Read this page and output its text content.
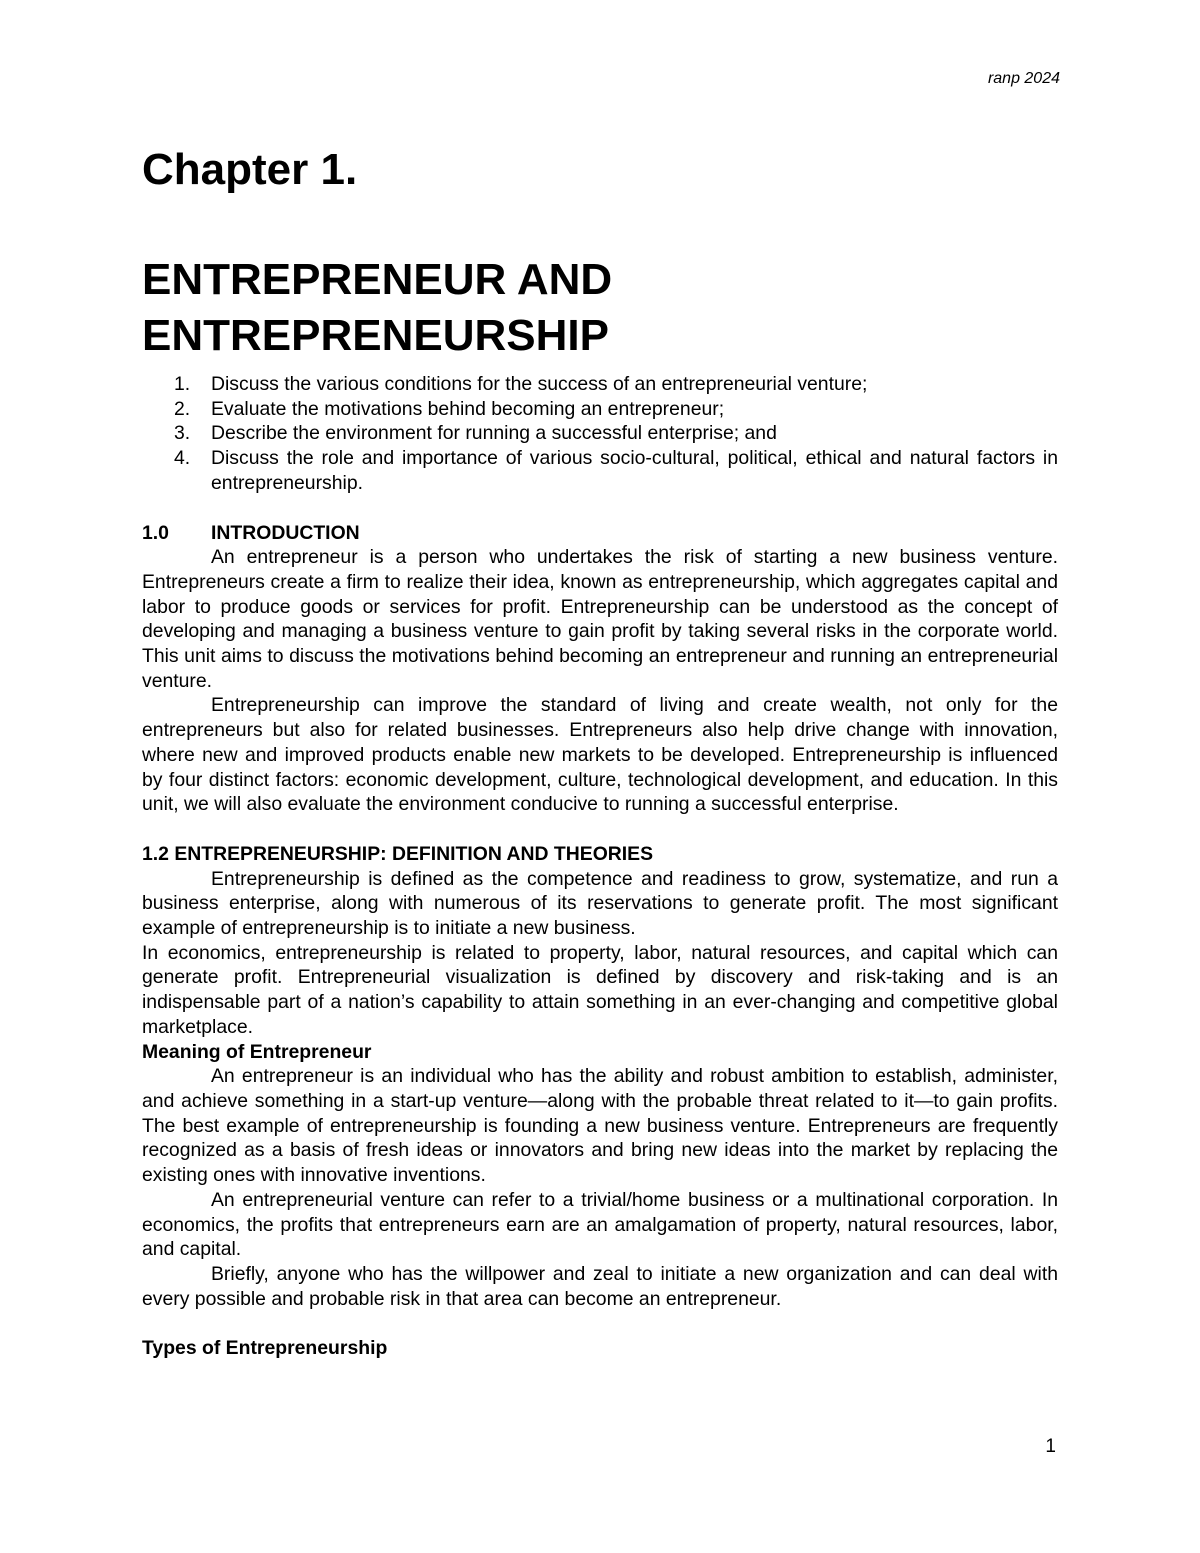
ranp 2024
Chapter 1.
ENTREPRENEUR AND
ENTREPRENEURSHIP
1. Discuss the various conditions for the success of an entrepreneurial venture;
2. Evaluate the motivations behind becoming an entrepreneur;
3. Describe the environment for running a successful enterprise; and
4. Discuss the role and importance of various socio-cultural, political, ethical and natural factors in entrepreneurship.
1.0 INTRODUCTION

An entrepreneur is a person who undertakes the risk of starting a new business venture. Entrepreneurs create a firm to realize their idea, known as entrepreneurship, which aggregates capital and labor to produce goods or services for profit. Entrepreneurship can be understood as the concept of developing and managing a business venture to gain profit by taking several risks in the corporate world. This unit aims to discuss the motivations behind becoming an entrepreneur and running an entrepreneurial venture.

Entrepreneurship can improve the standard of living and create wealth, not only for the entrepreneurs but also for related businesses. Entrepreneurs also help drive change with innovation, where new and improved products enable new markets to be developed. Entrepreneurship is influenced by four distinct factors: economic development, culture, technological development, and education. In this unit, we will also evaluate the environment conducive to running a successful enterprise.

1.2 ENTREPRENEURSHIP: DEFINITION AND THEORIES

Entrepreneurship is defined as the competence and readiness to grow, systematize, and run a business enterprise, along with numerous of its reservations to generate profit. The most significant example of entrepreneurship is to initiate a new business.

In economics, entrepreneurship is related to property, labor, natural resources, and capital which can generate profit. Entrepreneurial visualization is defined by discovery and risk-taking and is an indispensable part of a nation’s capability to attain something in an ever-changing and competitive global marketplace.

Meaning of Entrepreneur

An entrepreneur is an individual who has the ability and robust ambition to establish, administer, and achieve something in a start-up venture—along with the probable threat related to it—to gain profits. The best example of entrepreneurship is founding a new business venture. Entrepreneurs are frequently recognized as a basis of fresh ideas or innovators and bring new ideas into the market by replacing the existing ones with innovative inventions.

An entrepreneurial venture can refer to a trivial/home business or a multinational corporation. In economics, the profits that entrepreneurs earn are an amalgamation of property, natural resources, labor, and capital.

Briefly, anyone who has the willpower and zeal to initiate a new organization and can deal with every possible and probable risk in that area can become an entrepreneur.

Types of Entrepreneurship
1
